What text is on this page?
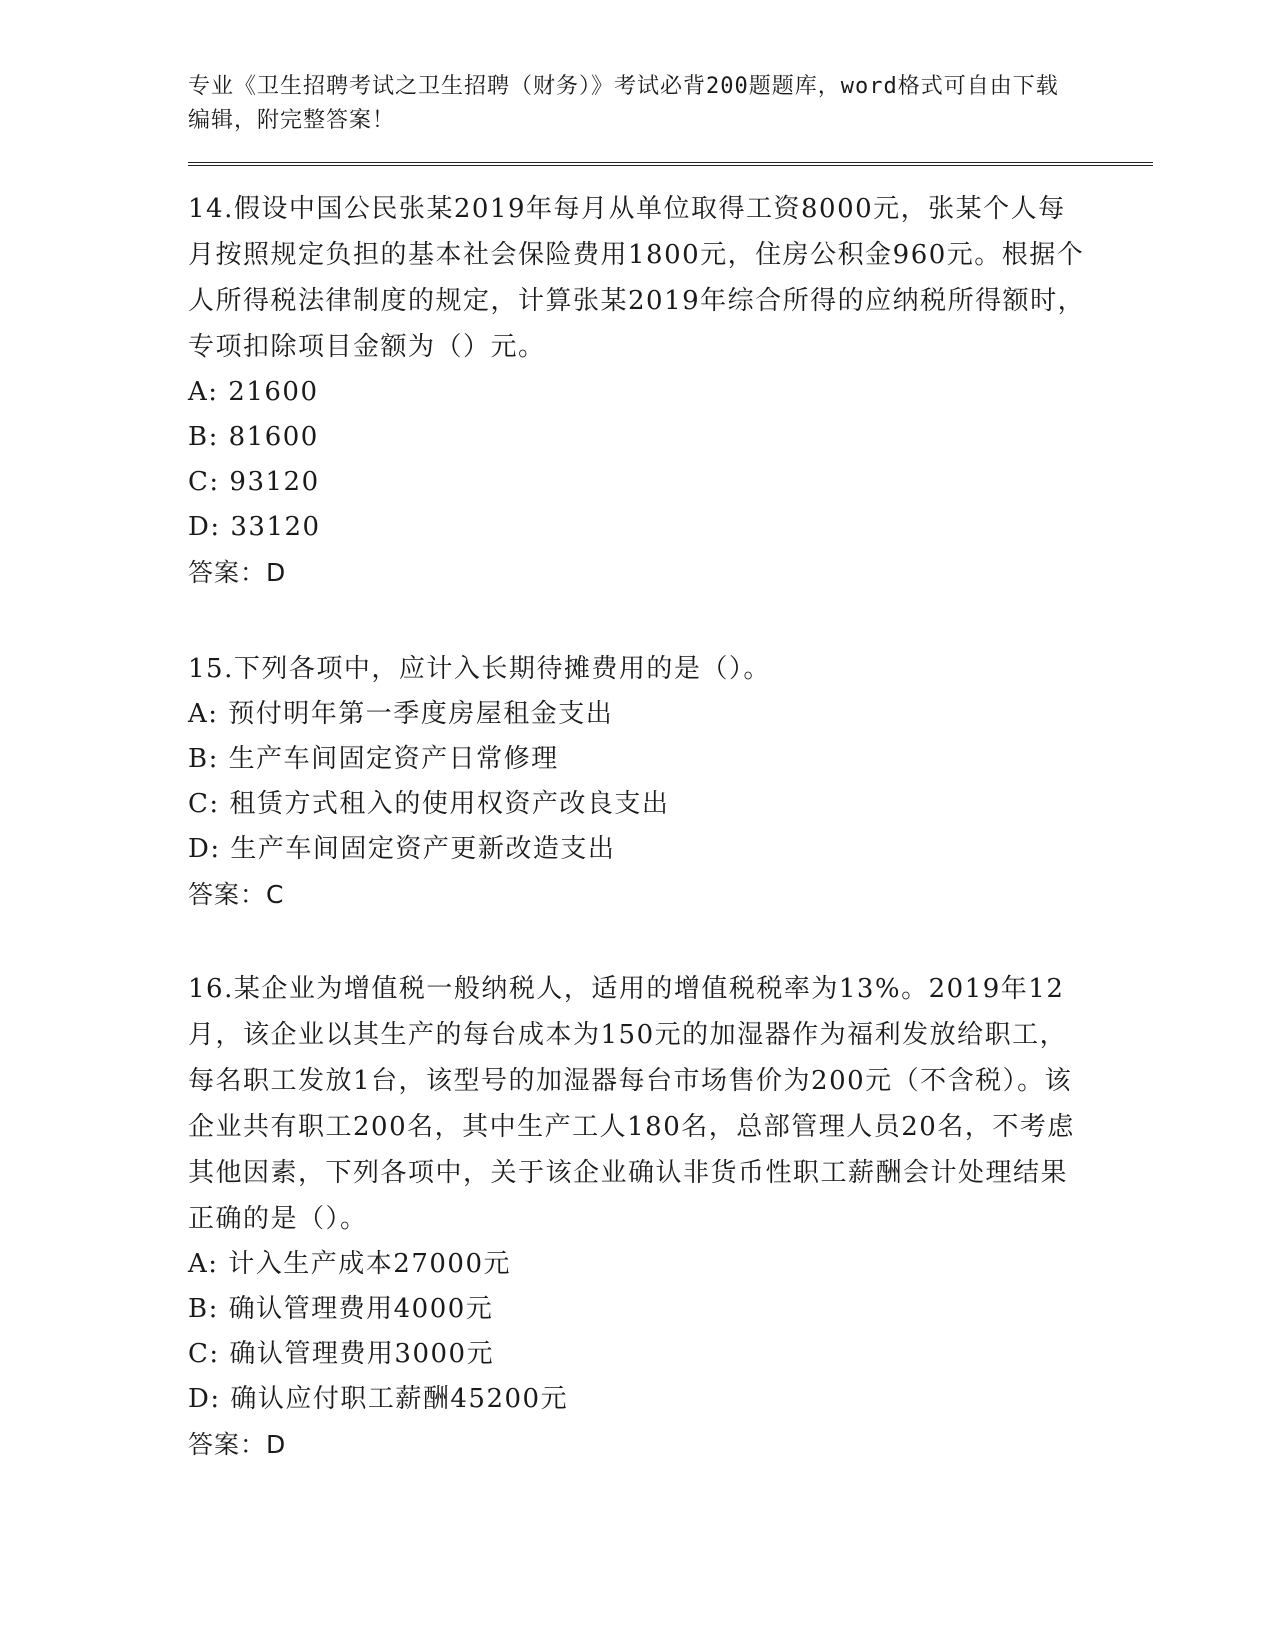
专业《卫生招聘考试之卫生招聘（财务）》考试必背200题题库，word格式可自由下载编辑，附完整答案！

14.假设中国公民张某2019年每月从单位取得工资8000元，张某个人每月按照规定负担的基本社会保险费用1800元，住房公积金960元。根据个人所得税法律制度的规定，计算张某2019年综合所得的应纳税所得额时，专项扣除项目金额为（）元。

A: 21600

B: 81600

C: 93120

D: 33120

答案：D

15.下列各项中，应计入长期待摊费用的是（）。

A: 预付明年第一季度房屋租金支出

B: 生产车间固定资产日常修理

C: 租赁方式租入的使用权资产改良支出

D: 生产车间固定资产更新改造支出

答案：C

16.某企业为增值税一般纳税人，适用的增值税税率为13%。2019年12月，该企业以其生产的每台成本为150元的加湿器作为福利发放给职工，每名职工发放1台，该型号的加湿器每台市场售价为200元（不含税）。该企业共有职工200名，其中生产工人180名，总部管理人员20名，不考虑其他因素，下列各项中，关于该企业确认非货币性职工薪酬会计处理结果正确的是（）。

A: 计入生产成本27000元

B: 确认管理费用4000元

C: 确认管理费用3000元

D: 确认应付职工薪酬45200元

答案：D
